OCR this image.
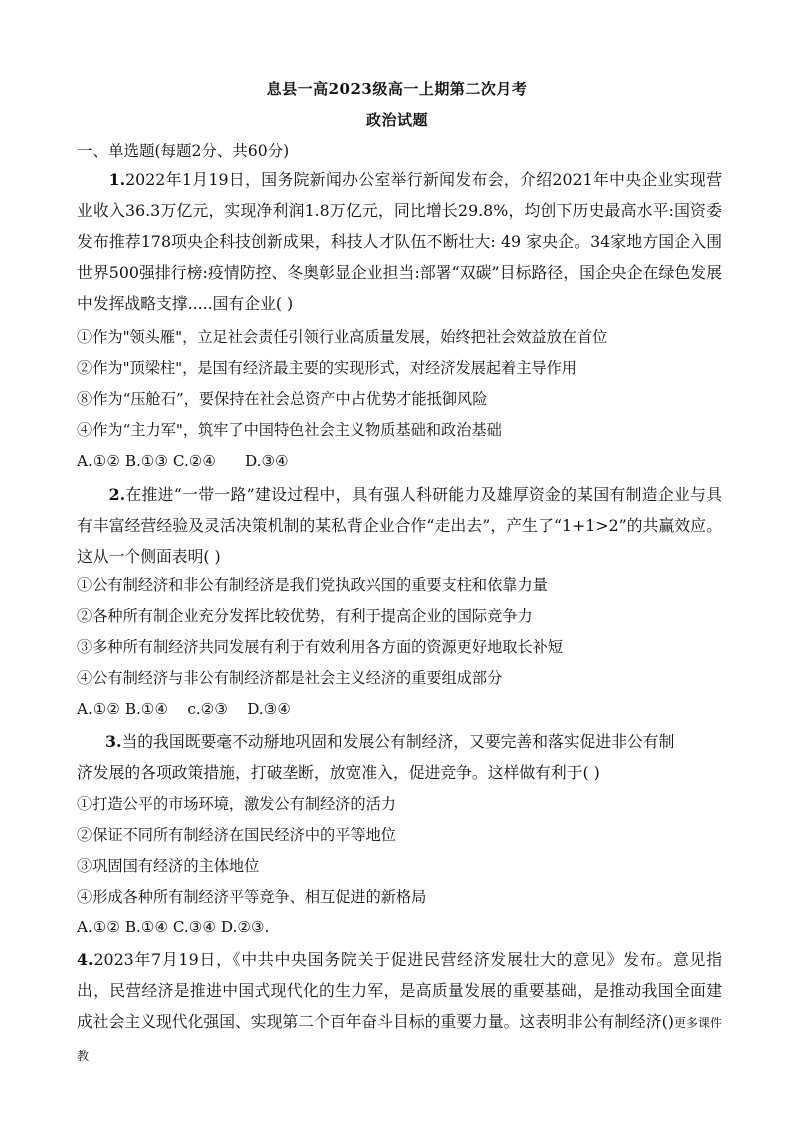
息县一高2023级高一上期第二次月考
政治试题
一、单选题(每题2分、共60分)
1.2022年1月19日，国务院新闻办公室举行新闻发布会，介绍2021年中央企业实现营业收入36.3万亿元，实现净利润1.8万亿元，同比增长29.8%，均创下历史最高水平:国资委发布推荐178项央企科技创新成果，科技人才队伍不断壮大: 49 家央企。34家地方国企入围世界500强排行榜:疫情防控、冬奥彰显企业担当:部署“双碳”目标路径，国企央企在绿色发展中发挥战略支撑.....国有企业( )
①作为"领头雁"，立足社会责任引领行业高质量发展，始终把社会效益放在首位
②作为"顶梁柱"，是国有经济最主要的实现形式，对经济发展起着主导作用
⑧作为“压舱石”，要保持在社会总资产中占优势才能抵御风险
④作为“主力军"，筑牢了中国特色社会主义物质基础和政治基础
A.①② B.①③ C.②④      D.③④
2.在推进“一带一路”建设过程中，具有强人科研能力及雄厚资金的某国有制造企业与具有丰富经营经验及灵活决策机制的某私背企业合作“走出去”，产生了“1+1>2”的共赢效应。这从一个侧面表明( )
①公有制经济和非公有制经济是我们党执政兴国的重要支柱和依靠力量
②各种所有制企业充分发挥比较优势，有利于提高企业的国际竞争力
③多种所有制经济共同发展有利于有效利用各方面的资源更好地取长补短
④公有制经济与非公有制经济都是社会主义经济的重要组成部分
A.①② B.①④    c.②③    D.③④
3.当的我国既要毫不动掰地巩固和发展公有制经济，又要完善和落实促进非公有制
济发展的各项政策措施，打破垄断，放宽准入，促进竞争。这样做有利于( )
①打造公平的市场环境，激发公有制经济的活力
②保证不同所有制经济在国民经济中的平等地位
③巩固国有经济的主体地位
④形成各种所有制经济平等竞争、相互促进的新格局
A.①② B.①④ C.③④ D.②③.
4.2023年7月19日，《中共中央国务院关于促进民营经济发展壮大的意见》发布。意见指出，民营经济是推进中国式现代化的生力军，是高质量发展的重要基础，是推动我国全面建成社会主义现代化强国、实现第二个百年奋斗目标的重要力量。这表明非公有制经济()更多课件教
